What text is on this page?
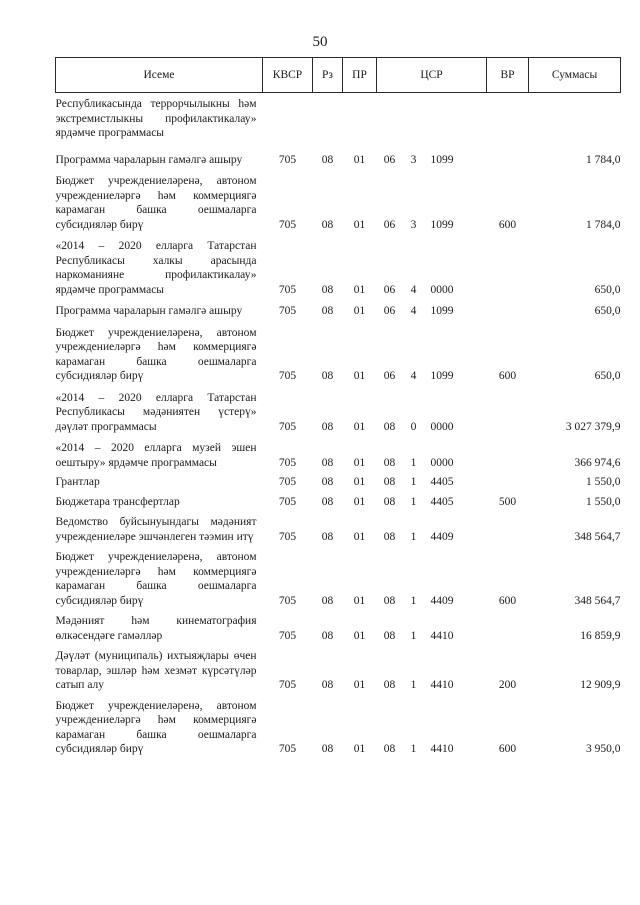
50
Исеме	КВСР	Рз	ПР	ЦСР			ВР	Суммасы
Республикасында террорчылыкны һәм экстремистлыкны профилактикалау» ярдәмче программасы								
Программа чараларын гамәлгә ашыру	705	08	01	06	3	1099		1 784,0
Бюджет учреждениеләренә, автоном учреждениеләргә һәм коммерциягә карамаган башка оешмаларга субсидияләр бирү	705	08	01	06	3	1099	600	1 784,0
«2014 – 2020 елларга Татарстан Республикасы халкы арасында наркоманияне профилактикалау» ярдәмче программасы	705	08	01	06	4	0000		650,0
Программа чараларын гамәлгә ашыру	705	08	01	06	4	1099		650,0
Бюджет учреждениеләренә, автоном учреждениеләргә һәм коммерциягә карамаган башка оешмаларга субсидияләр бирү	705	08	01	06	4	1099	600	650,0
«2014 – 2020 елларга Татарстан Республикасы мәдәниятен үстерү» дәүләт программасы	705	08	01	08	0	0000		3 027 379,9
«2014 – 2020 елларга музей эшен оештыру» ярдәмче программасы	705	08	01	08	1	0000		366 974,6
Грантлар	705	08	01	08	1	4405		1 550,0
Бюджетара трансфертлар	705	08	01	08	1	4405	500	1 550,0
Ведомство буйсынуындагы мәдәният учреждениеләре эшчәнлеген тәэмин итү	705	08	01	08	1	4409		348 564,7
Бюджет учреждениеләренә, автоном учреждениеләргә һәм коммерциягә карамаган башка оешмаларга субсидияләр бирү	705	08	01	08	1	4409	600	348 564,7
Мәдәният һәм кинематография өлкәсендәге гамәлләр	705	08	01	08	1	4410		16 859,9
Дәүләт (муниципаль) ихтыяҗлары өчен товарлар, эшләр һәм хезмәт күрсәтүләр сатып алу	705	08	01	08	1	4410	200	12 909,9
Бюджет учреждениеләренә, автоном учреждениеләргә һәм коммерциягә карамаган башка оешмаларга субсидияләр бирү	705	08	01	08	1	4410	600	3 950,0
